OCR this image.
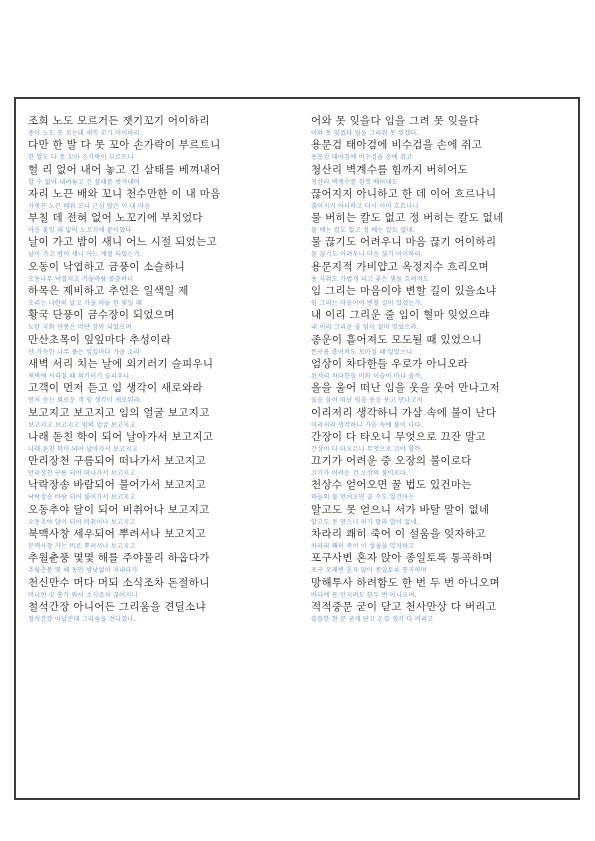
조희 노도 모르거든 잿기꼬기 어이하리
종이 노도 못 꼬는데 새끼 꼬기 어이하리.
다만 한 발 다 못 꼬아 손가락이 부르트니
한 발도 다 못 꼬아 손가락이 부르트니
헐 리 없어 내어 놓고 긴 삼태를 베껴내어
할 수 없어 내려놓고 긴 삼태를 벗겨내어
자리 노끈 배와 꼬니 천수만한 이 내 마음
자릿끈 노끈 배워 꼬니 근심 많은 이 내 마음
부칠 데 전혀 없어 노꼬기에 부치었다
마음 붙일 데 없어 노꼬기에 붙이었다
날이 가고 밤이 새니 어느 시절 되었는고
날이 가고 밤이 새니 어느 계절 되었는가.
오동이 낙엽하고 금풍이 소슬하니
오동나무 낙엽지고 가을바람 쓸쓸하니
하목은 제비하고 추언은 일색일 제
오리는 나란히 날고 가을 하늘 한 빛일 때
황국 단풍이 금수장이 되었으며
노란 국화 단풍은 비단 장막 되었으며
만산초목이 잎잎마다 추성이라
산 가득한 나무 풀은 잎잎마다 가을 소리
새벽 서리 치는 날에 외기러기 슬피우니
새벽에 서리칠 때 외기러기 슬피우니
고객이 먼저 듣고 임 생각이 새로와라
먼저 듣는 외로운 객 임 생각이 새로워라.
보고지고 보고지고 임의 얼굴 보고지고
보고지고 보고지고 임의 얼굴 보고지고
나래 돋친 학이 되어 날아가서 보고지고
나래 돋친 학이 되어 날아가서 보고지고
만리장천 구름되어 떠나가서 보고지고
만리장천 구름 되어 떠나가서 보고지고
낙락장송 바람되어 불어가서 보고지고
낙락장송 바람 되어 불어가서 보고지고
오동추야 달이 되어 비취어나 보고지고
오동추야 달이 되어 비취어나 보고지고
북맥사창 세우되어 뿌려서나 보고지고
문맥사창 가는 비로 뿌려서나 보고지고
추월춘풍 몇몇 해를 주야물리 하옵다가
추월춘풍 몇 해 동안 밤낮없이 지내다가
천신만수 머다 머되 소식조차 돈절하니
머나먼 곳 홀가 와서 소식조차 끊어지니
철석간장 아니어든 그리움을 견딜소냐
철석간장 아닐진대 그리움을 견디겠나.
어와 못 잊을다 임을 그려 못 잊을다
어와 못 잊겠다 임을 그리워 못 잊겠다.
용문검 태아검에 비수검을 손에 쥐고
용문검 태아검에 비수검을 손에 쥐고
청산리 벽계수를 힘까지 버히어도
청산리 벽계수를 힘껏 베어내도
끊어지지 아니하고 한 데 이어 흐르나니
끊어지지 아니하고 다시 이어 흐르나니
물 버히는 칼도 없고 정 버히는 칼도 없네
물 베는 칼도 없고 정 베는 칼도 없네.
물 끊기도 어려우니 마음 끊기 어이하리
물 끊기도 어려우니 마음 끊기 어이하리.
용문지적 가비얍고 옥정지수 흐리오며
용 자취도 가볍게 되고 좋은 샘물 흐려져도
임 그리는 마음이야 변할 길이 있을소냐
임 그리는 마음이야 변할 길이 있겠는가.
내 이리 그리운 줄 임이 혈마 잊었으랴
내 이리 그리운 줄 임이 설마 잊었으랴.
종운이 흩어져도 모도될 때 있었으니
뜬구름 흩어져도 모아질 때 있었으니
엄상이 차다한들 우로가 아니오라
된서리 차다한들 비와 이슬이 아니 올까.
올을 울어 떠난 임을 웃을 웃어 만나고저
울음 울어 떠난 임을 웃음 웃고 만나고저
이리저리 생각하니 가삼 속에 불이 난다
이리저리 생각하니 가슴 속에 불이 나다.
간장이 다 타오니 무엇으로 끄잔 말고
간장이 다 타오르니 무엇으로 끄야 할까.
끄기가 어려운 중 오장의 불이로다
끄기가 어려운 건 오장의 불이로다.
천상수 얻어오면 꿀 법도 있건마는
하늘의 물 얻어오면 끌 수도 있건마는
알고도 못 얻으니 서가 바탈 말이 없네
알고도 못 얻으니 허기 말라 말이 없네.
차라리 쾌히 죽어 이 설움을 잊자하고
차라리 쾌히 죽어 이 설움을 잊자하고
포구사변 혼자 앉아 종일토록 통곡하며
포구 모래변 혼자 앉아 종일토록 통곡하며
망해투사 하려함도 한 번 두 번 아니오며
바다에 몸 던지려도 한두 번 아니오며.
적적중문 굳이 닫고 천사만상 다 버리고
쓸쓸한 현 문 굳게 닫고 온갖 생각 다 버리고
